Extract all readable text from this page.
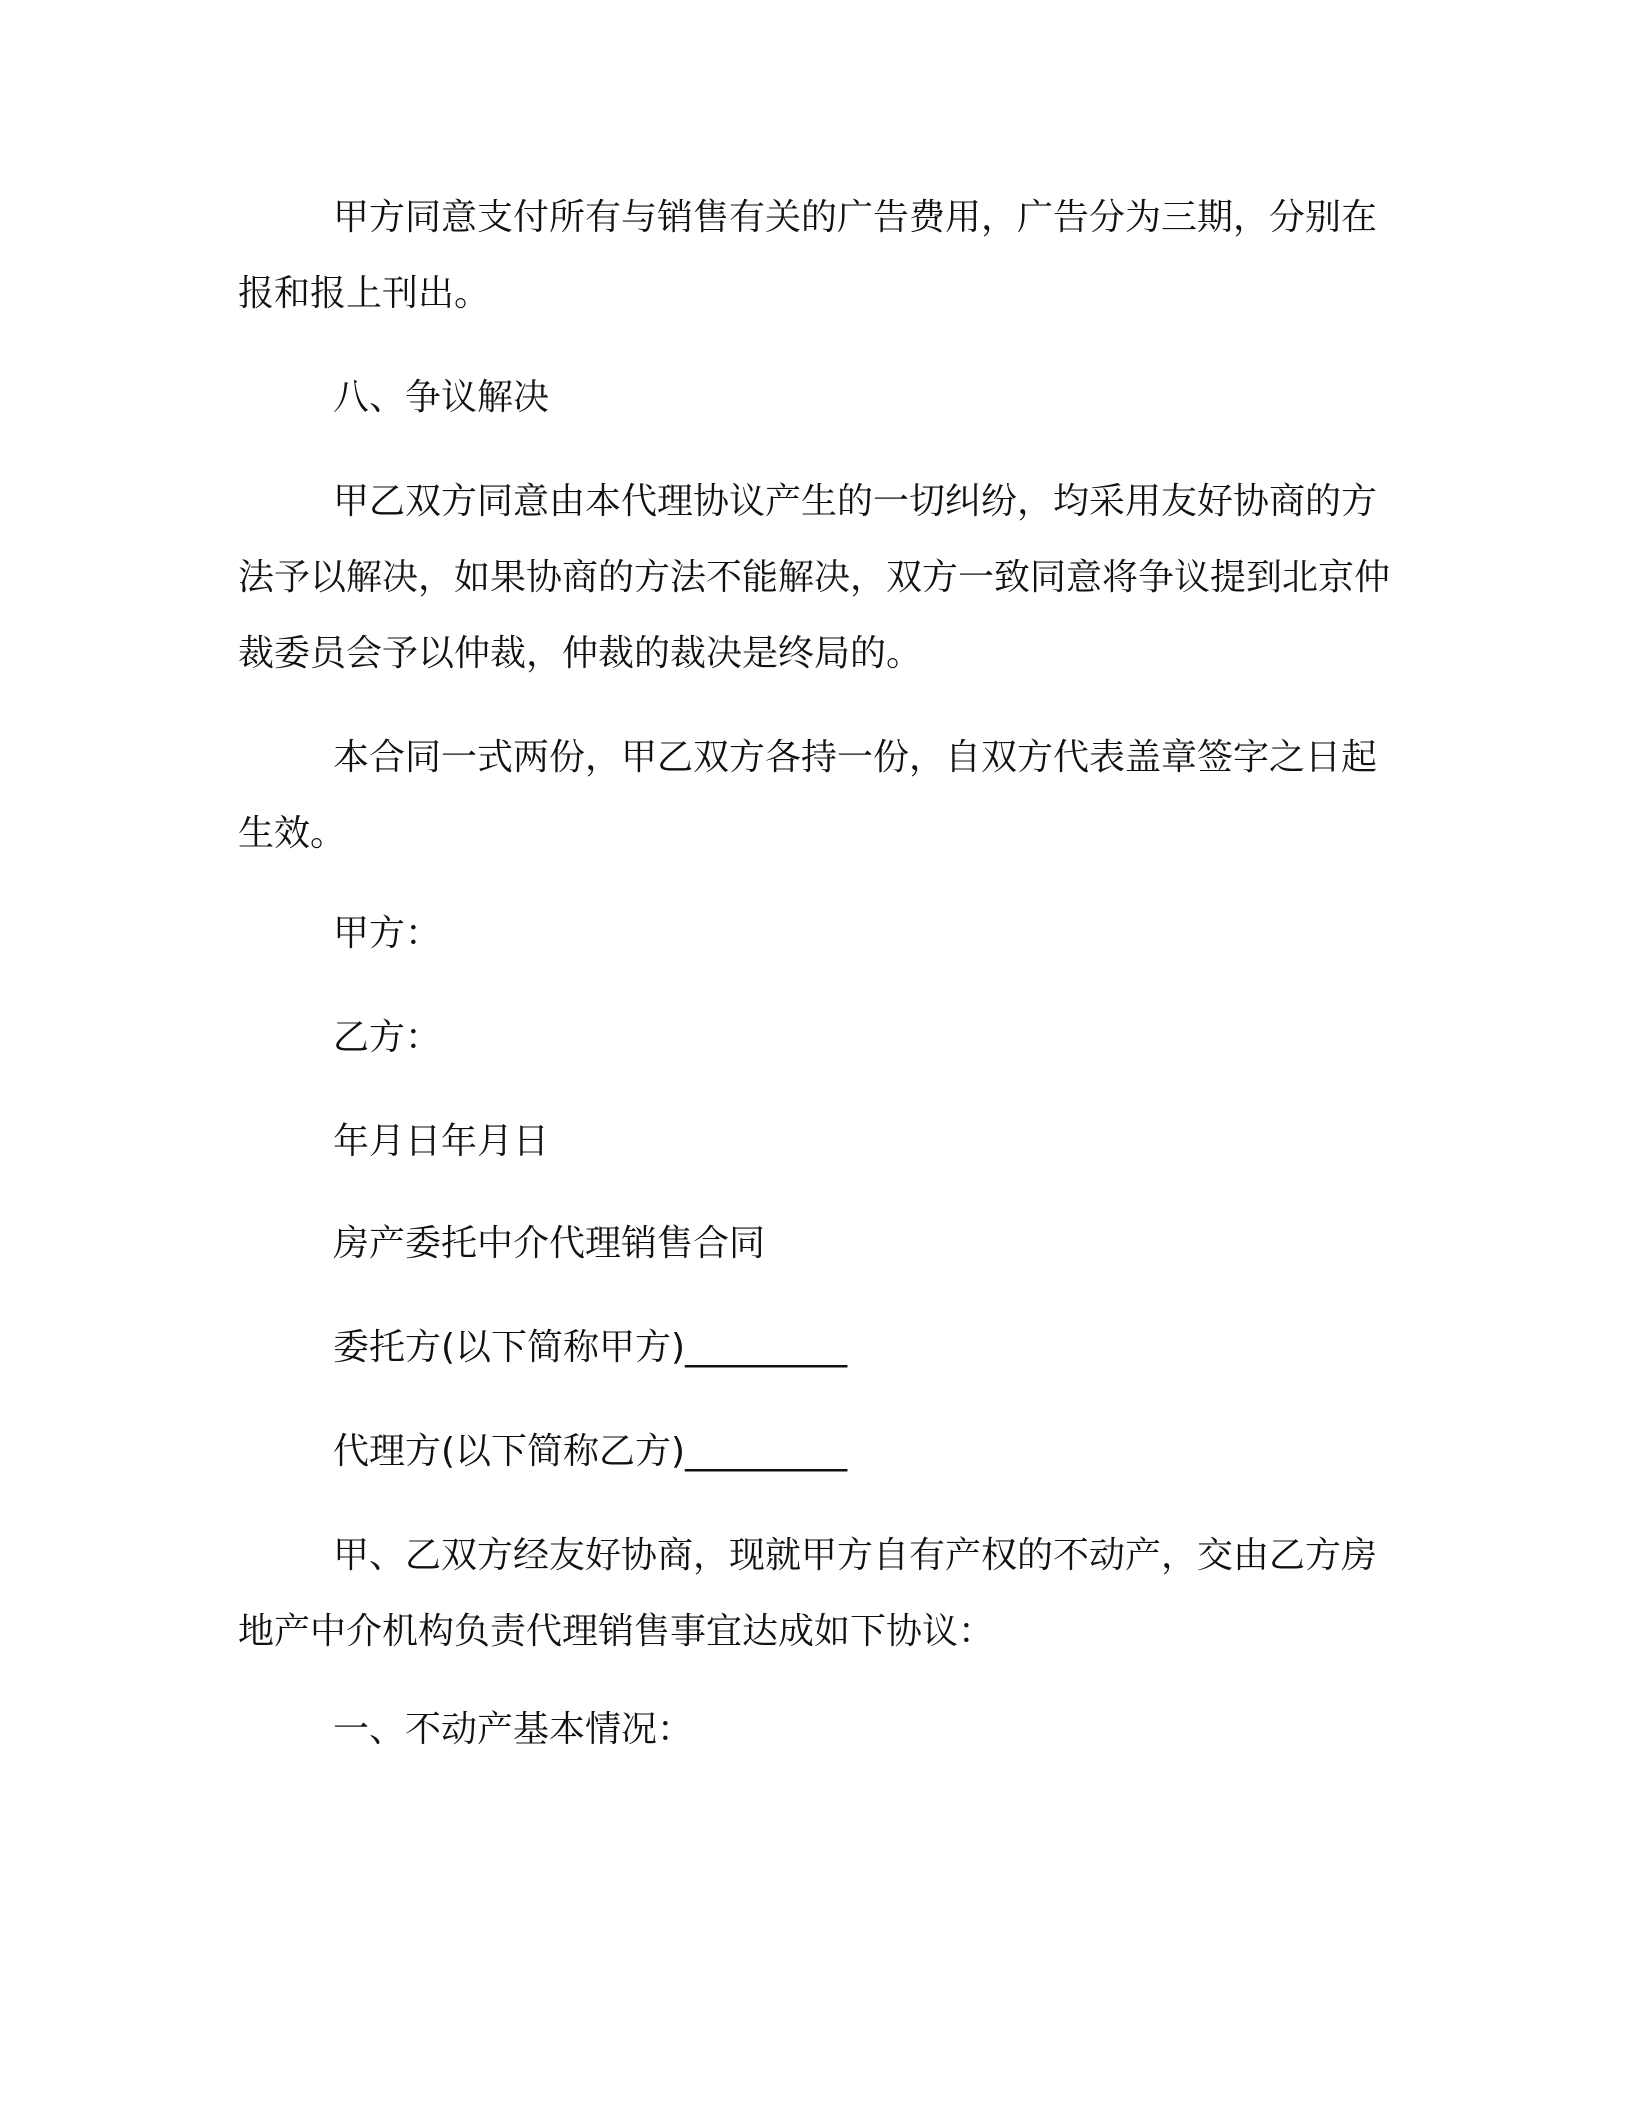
甲方同意支付所有与销售有关的广告费用，广告分为三期，分别在报和报上刊出。

八、争议解决

甲乙双方同意由本代理协议产生的一切纠纷，均采用友好协商的方法予以解决，如果协商的方法不能解决，双方一致同意将争议提到北京仲裁委员会予以仲裁，仲裁的裁决是终局的。

本合同一式两份，甲乙双方各持一份，自双方代表盖章签字之日起生效。

甲方：

乙方：

年月日年月日

房产委托中介代理销售合同

委托方(以下简称甲方)_________

代理方(以下简称乙方)_________

甲、乙双方经友好协商，现就甲方自有产权的不动产，交由乙方房地产中介机构负责代理销售事宜达成如下协议：

一、不动产基本情况：
